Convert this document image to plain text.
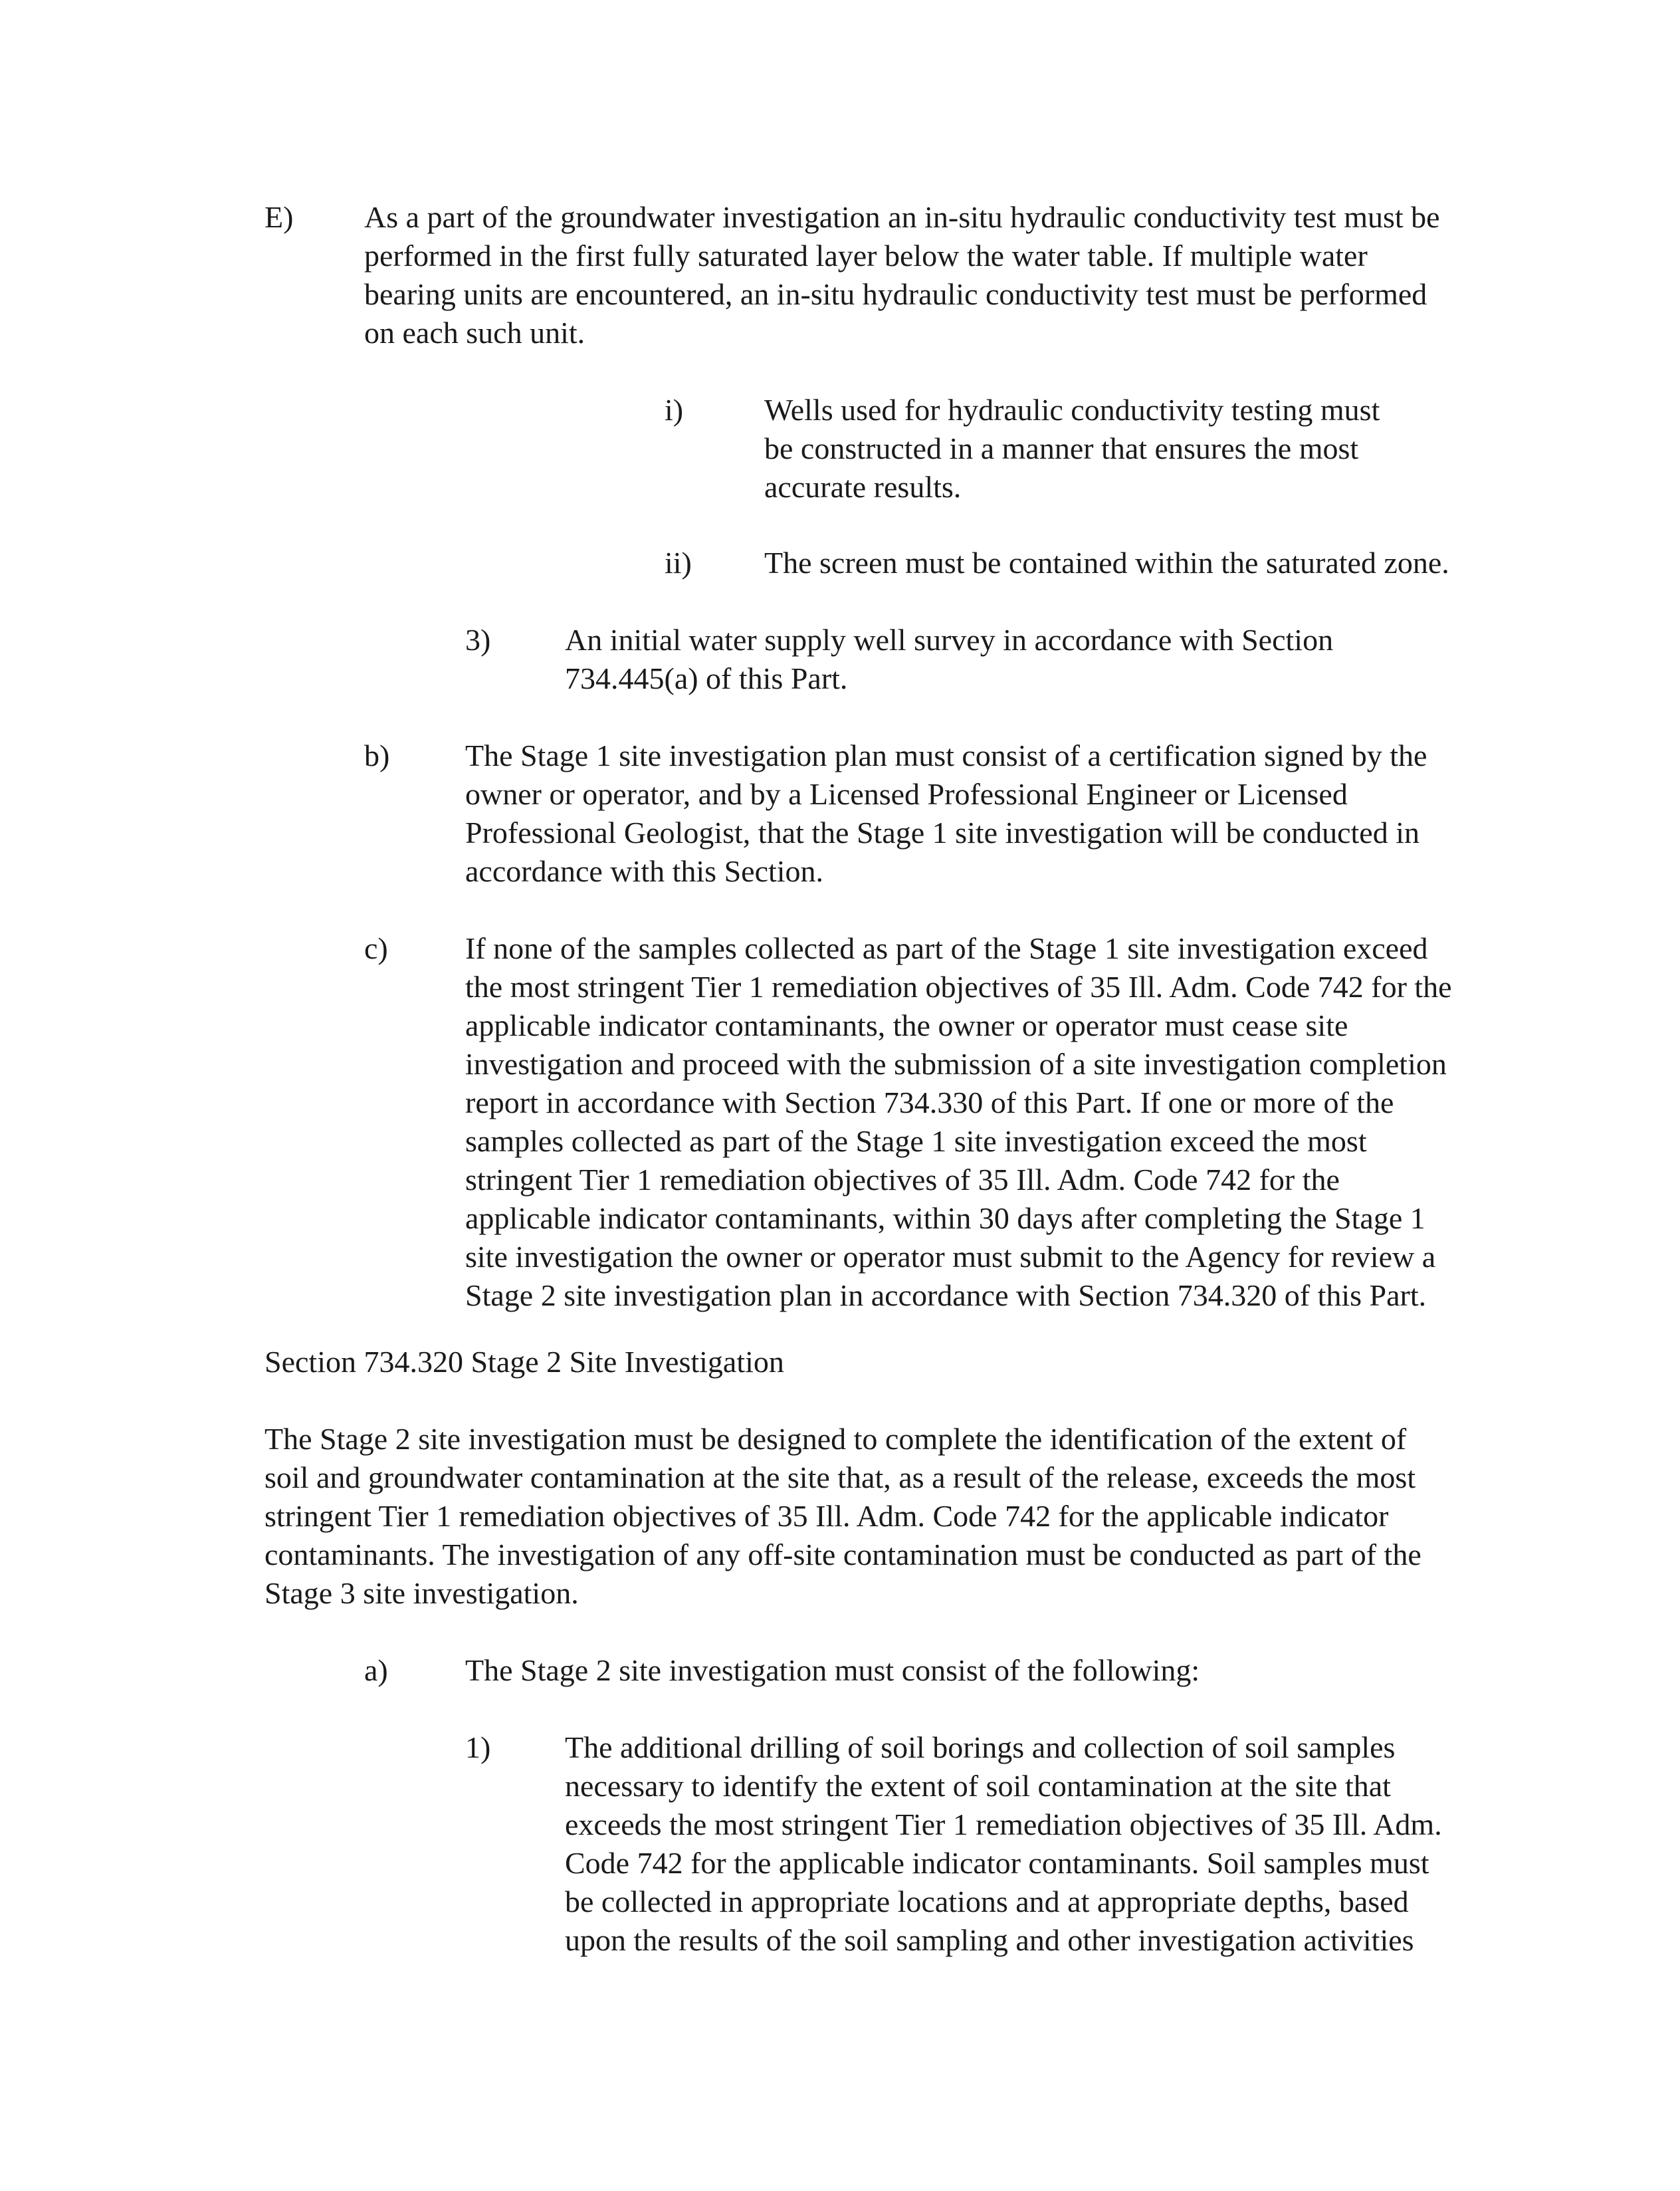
E) As a part of the groundwater investigation an in-situ hydraulic conductivity test must be
performed in the first fully saturated layer below the water table. If multiple water
bearing units are encountered, an in-situ hydraulic conductivity test must be performed
on each such unit.
i)	Wells used for hydraulic conductivity testing must
be constructed in a manner that ensures the most
accurate results.
ii) The screen must be contained within the saturated zone.
3) An initial water supply well survey in accordance with Section
734.445(a) of this Part.
b) The Stage 1 site investigation plan must consist of a certification signed by the
owner or operator, and by a Licensed Professional Engineer or Licensed
Professional Geologist, that the Stage 1 site investigation will be conducted in
accordance with this Section.
c)	If none of the samples collected as part of the Stage 1 site investigation exceed
the most stringent Tier 1 remediation objectives of 35 Ill. Adm. Code 742 for the
applicable indicator contaminants, the owner or operator must cease site
investigation and proceed with the submission of a site investigation completion
report in accordance with Section 734.330 of this Part. If one or more of the
samples collected as part of the Stage 1 site investigation exceed the most
stringent Tier 1 remediation objectives of 35 Ill. Adm. Code 742 for the
applicable indicator contaminants, within 30 days after completing the Stage 1
site investigation the owner or operator must submit to the Agency for review a
Stage 2 site investigation plan in accordance with Section 734.320 of this Part.
Section 734.320 Stage 2 Site Investigation
The Stage 2 site investigation must be designed to complete the identification of the extent of
soil and groundwater contamination at the site that, as a result of the release, exceeds the most
stringent Tier 1 remediation objectives of 35 Ill. Adm. Code 742 for the applicable indicator
contaminants. The investigation of any off-site contamination must be conducted as part of the
Stage 3 site investigation.
a)	The Stage 2 site investigation must consist of the following:
1) The additional drilling of soil borings and collection of soil samples
necessary to identify the extent of soil contamination at the site that
exceeds the most stringent Tier 1 remediation objectives of 35 Ill. Adm.
Code 742 for the applicable indicator contaminants. Soil samples must
be collected in appropriate locations and at appropriate depths, based
upon the results of the soil sampling and other investigation activities
